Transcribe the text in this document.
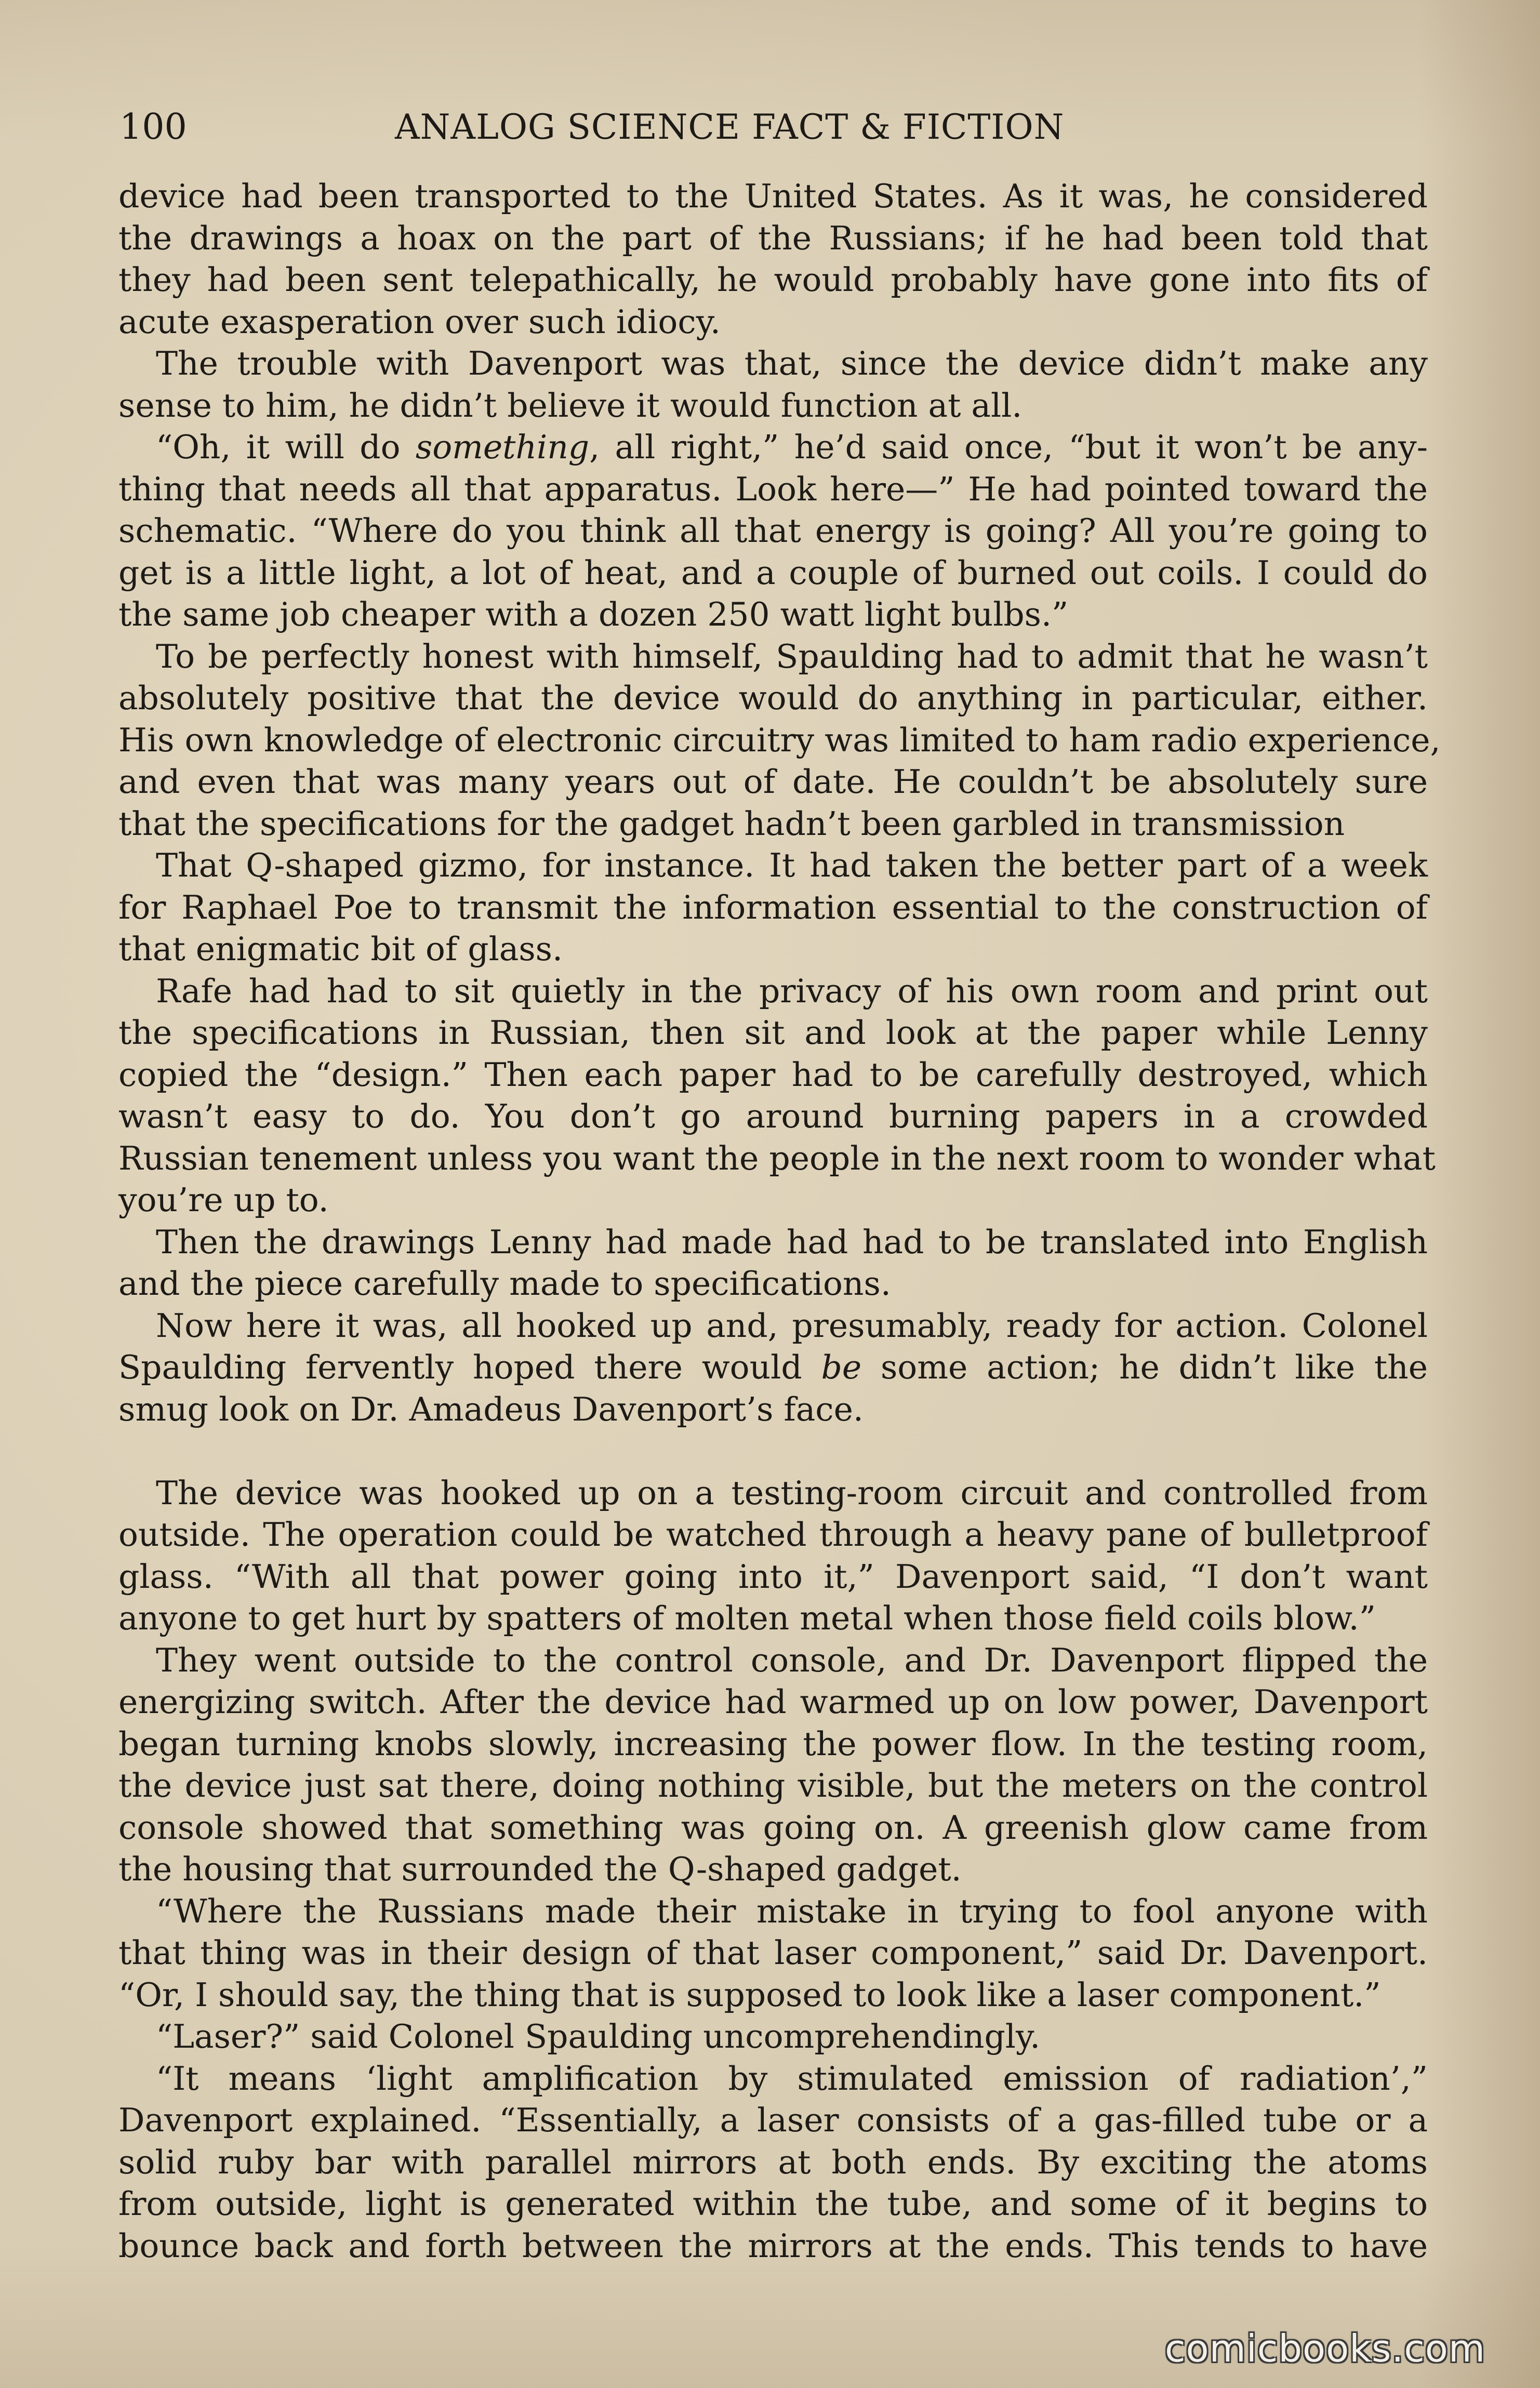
100	ANALOG SCIENCE FACT & FICTION
device had been transported to the United States. As it was, he considered
the drawings a hoax on the part of the Russians; if he had been told that
they had been sent telepathically, he would probably have gone into fits of
acute exasperation over such idiocy.
The trouble with Davenport was that, since the device didn’t make any
sense to him, he didn’t believe it would function at all.
“Oh, it will do something, all right,” he’d said once, “but it won’t be any-
thing that needs all that apparatus. Look here—” He had pointed toward the
schematic. “Where do you think all that energy is going? All you’re going to
get is a little light, a lot of heat, and a couple of burned out coils. I could do
the same job cheaper with a dozen 250 watt light bulbs.”
To be perfectly honest with himself, Spaulding had to admit that he wasn’t
absolutely positive that the device would do anything in particular, either.
His own knowledge of electronic circuitry was limited to ham radio experience,
and even that was many years out of date. He couldn’t be absolutely sure
that the specifications for the gadget hadn’t been garbled in transmission
That Q-shaped gizmo, for instance. It had taken the better part of a week
for Raphael Poe to transmit the information essential to the construction of
that enigmatic bit of glass.
Rafe had had to sit quietly in the privacy of his own room and print out
the specifications in Russian, then sit and look at the paper while Lenny
copied the “design.” Then each paper had to be carefully destroyed, which
wasn’t easy to do. You don’t go around burning papers in a crowded
Russian tenement unless you want the people in the next room to wonder what
you’re up to.
Then the drawings Lenny had made had had to be translated into English
and the piece carefully made to specifications.
Now here it was, all hooked up and, presumably, ready for action. Colonel
Spaulding fervently hoped there would be some action; he didn’t like the
smug look on Dr. Amadeus Davenport’s face.
The device was hooked up on a testing-room circuit and controlled from
outside. The operation could be watched through a heavy pane of bulletproof
glass. “With all that power going into it,” Davenport said, “I don’t want
anyone to get hurt by spatters of molten metal when those field coils blow.”
They went outside to the control console, and Dr. Davenport flipped the
energizing switch. After the device had warmed up on low power, Davenport
began turning knobs slowly, increasing the power flow. In the testing room,
the device just sat there, doing nothing visible, but the meters on the control
console showed that something was going on. A greenish glow came from
the housing that surrounded the Q-shaped gadget.
“Where the Russians made their mistake in trying to fool anyone with
that thing was in their design of that laser component,” said Dr. Davenport.
“Or, I should say, the thing that is supposed to look like a laser component.”
“Laser?” said Colonel Spaulding uncomprehendingly.
“It means ‘light amplification by stimulated emission of radiation’,”
Davenport explained. “Essentially, a laser consists of a gas-filled tube or a
solid ruby bar with parallel mirrors at both ends. By exciting the atoms
from outside, light is generated within the tube, and some of it begins to
bounce back and forth between the mirrors at the ends. This tends to have
comicbooks.com
